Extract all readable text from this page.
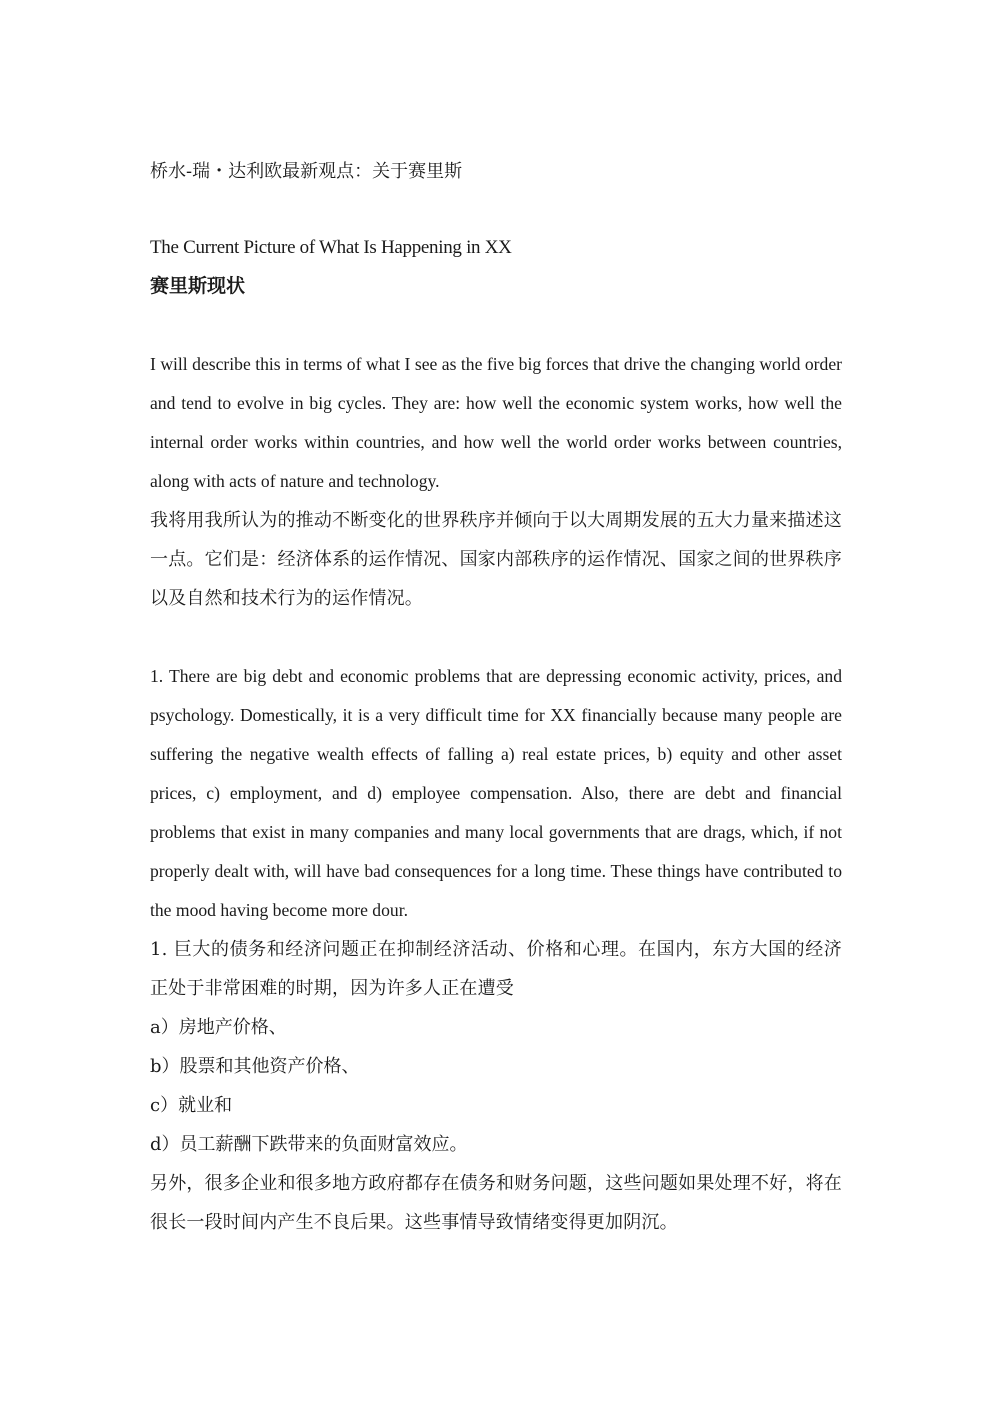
桥水-瑞・达利欧最新观点：关于赛里斯

The Current Picture of What Is Happening in XX

赛里斯现状

I will describe this in terms of what I see as the five big forces that drive the changing world order and tend to evolve in big cycles. They are: how well the economic system works, how well the internal order works within countries, and how well the world order works between countries, along with acts of nature and technology.

我将用我所认为的推动不断变化的世界秩序并倾向于以大周期发展的五大力量来描述这一点。它们是：经济体系的运作情况、国家内部秩序的运作情况、国家之间的世界秩序以及自然和技术行为的运作情况。

1. There are big debt and economic problems that are depressing economic activity, prices, and psychology. Domestically, it is a very difficult time for XX financially because many people are suffering the negative wealth effects of falling a) real estate prices, b) equity and other asset prices, c) employment, and d) employee compensation. Also, there are debt and financial problems that exist in many companies and many local governments that are drags, which, if not properly dealt with, will have bad consequences for a long time. These things have contributed to the mood having become more dour.

1. 巨大的债务和经济问题正在抑制经济活动、价格和心理。在国内，东方大国的经济正处于非常困难的时期，因为许多人正在遭受

a）房地产价格、

b）股票和其他资产价格、

c）就业和

d）员工薪酬下跌带来的负面财富效应。

另外，很多企业和很多地方政府都存在债务和财务问题，这些问题如果处理不好，将在很长一段时间内产生不良后果。这些事情导致情绪变得更加阴沉。
